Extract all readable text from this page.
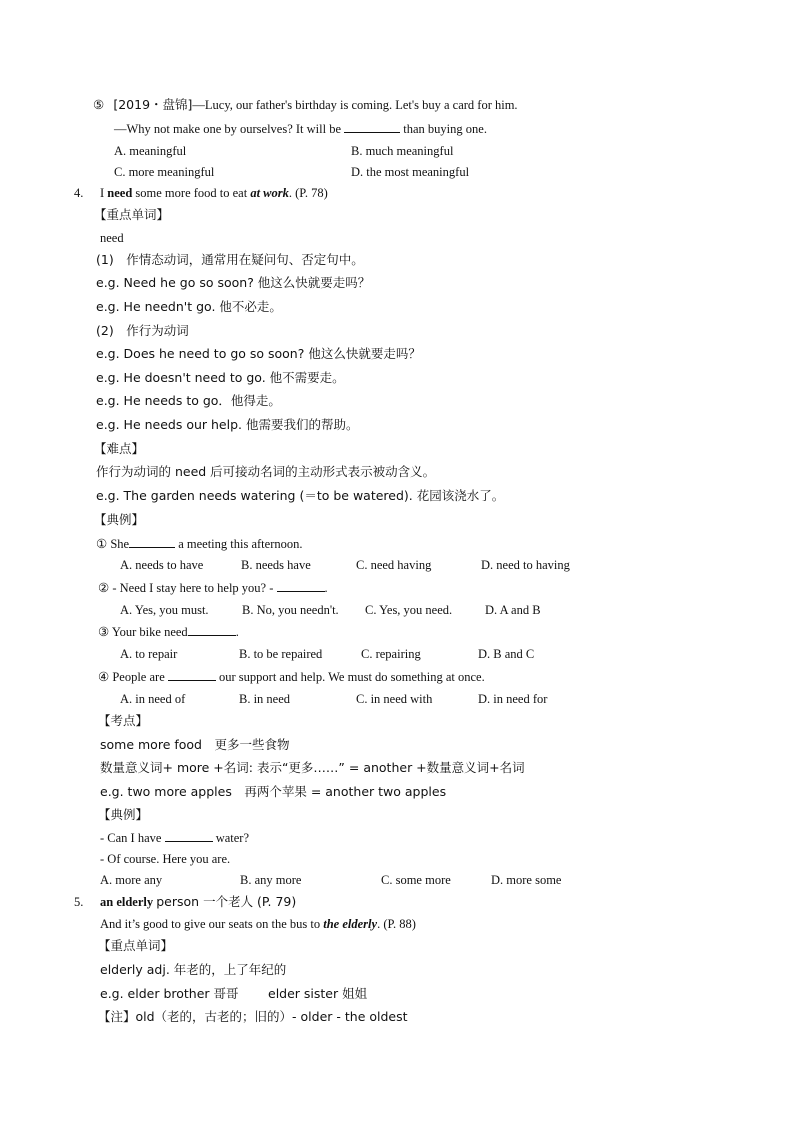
⑤ [2019・盘锦]—Lucy, our father's birthday is coming. Let's buy a card for him.
—Why not make one by ourselves? It will be	than buying one.
A. meaningful	B. much meaningful
C. more meaningful	D. the most meaningful
4. I need some more food to eat at work. (P. 78)
【重点单词】
need
(1)　作情态动词，通常用在疑问句、否定句中。
e.g. Need he go so soon? 他这么快就要走吗？
e.g. He needn't go. 他不必走。
(2)　作行为动词
e.g. Does he need to go so soon? 他这么快就要走吗？
e.g. He doesn't need to go. 他不需要走。
e.g. He needs to go．他得走。
e.g. He needs our help. 他需要我们的帮助。
【难点】
作行为动词的 need 后可接动名词的主动形式表示被动含义。
e.g. The garden needs watering (＝to be watered). 花园该浇水了。
【典例】
① She	a meeting this afternoon.
A. needs to have	B. needs have	C. need having	D. need to having
② - Need I stay here to help you? -	.
A. Yes, you must.	B. No, you needn't. C. Yes, you need.	D. A and B
③ Your bike need	.
A. to repair	B. to be repaired	C. repairing	D. B and C
④ People are	our support and help. We must do something at once.
A. in need of	B. in need	C. in need with	D. in need for
【考点】
some more food　更多一些食物
数量意义词+ more +名词: 表示“更多……” = another +数量意义词+名词
e.g. two more apples　再两个苹果 = another two apples
【典例】
- Can I have	water?
- Of course. Here you are.
A. more any	B. any more	C. some more	D. more some
5. an elderly person 一个老人 (P. 79)
And it’s good to give our seats on the bus to the elderly. (P. 88)
【重点单词】
elderly adj. 年老的，上了年纪的
e.g. elder brother 哥哥 elder sister 姐姐
【注】old（老的，古老的；旧的）- older - the oldest
